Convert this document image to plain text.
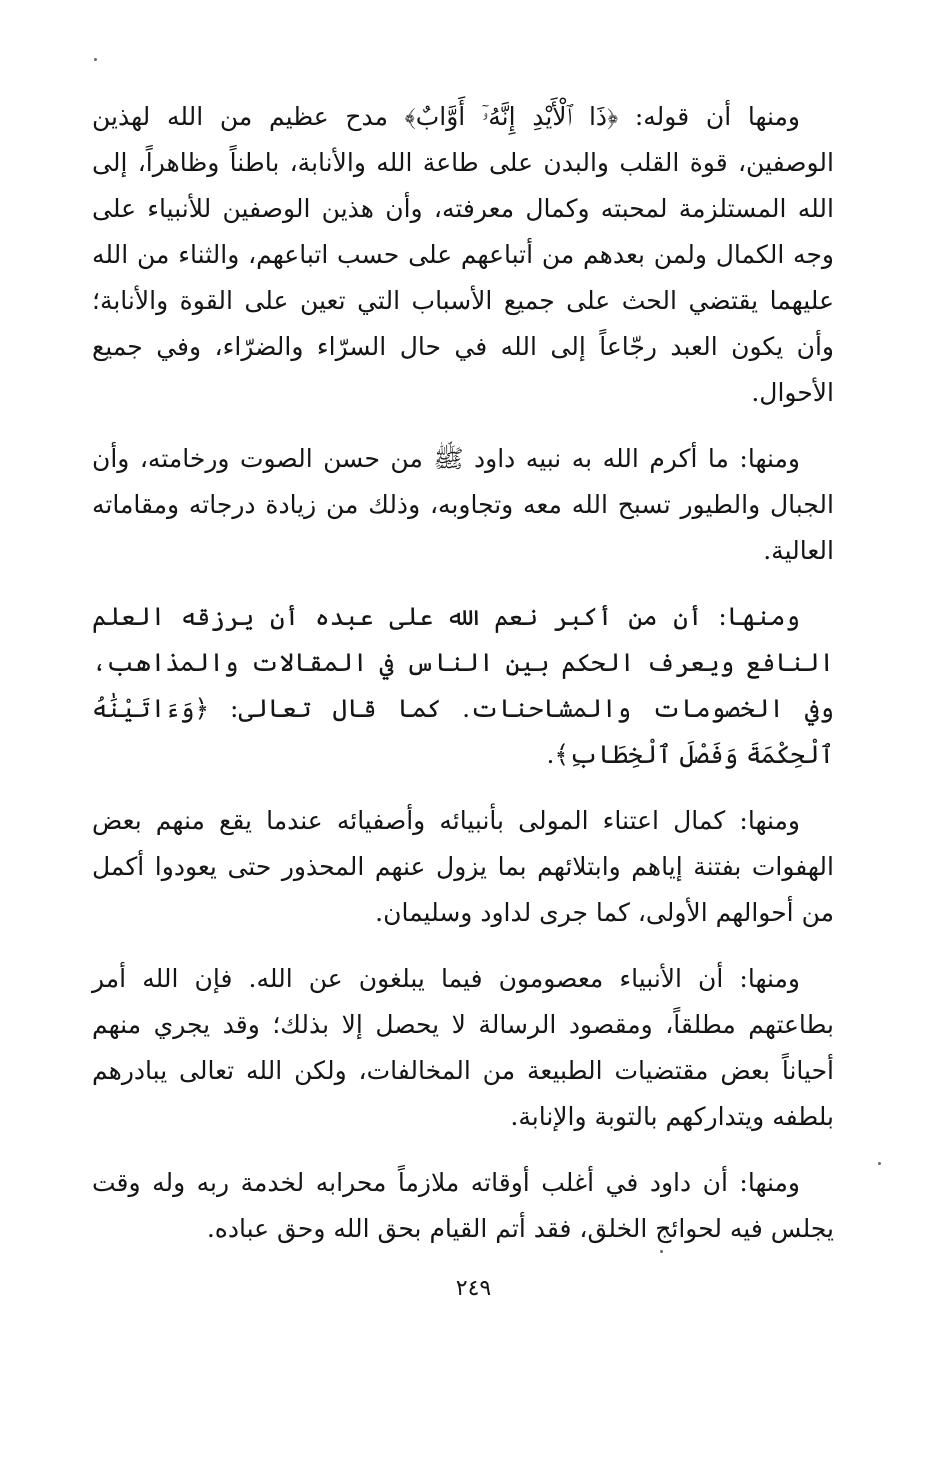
ومنها أن قوله: ﴿ذَا ٱلْأَيْدِ إِنَّهُۥٓ أَوَّابٌ﴾ مدح عظيم من الله لهذين الوصفين، قوة القلب والبدن على طاعة الله والأنابة، باطناً وظاهراً، إلى الله المستلزمة لمحبته وكمال معرفته، وأن هذين الوصفين للأنبياء على وجه الكمال ولمن بعدهم من أتباعهم على حسب اتباعهم، والثناء من الله عليهما يقتضي الحث على جميع الأسباب التي تعين على القوة والأنابة؛ وأن يكون العبد رجّاعاً إلى الله في حال السرّاء والضرّاء، وفي جميع الأحوال.

ومنها: ما أكرم الله به نبيه داود ﷺ من حسن الصوت ورخامته، وأن الجبال والطيور تسبح الله معه وتجاوبه، وذلك من زيادة درجاته ومقاماته العالية.

ومنها: أن من أكبر نعم الله على عبده أن يرزقه العلم النافع ويعرف الحكم بين الناس في المقالات والمذاهب، وفي الخصومات والمشاحنات. كما قال تعالى: ﴿وَءَاتَيْنَٰهُ ٱلْحِكْمَةَ وَفَصْلَ ٱلْخِطَابِ﴾.

ومنها: كمال اعتناء المولى بأنبيائه وأصفيائه عندما يقع منهم بعض الهفوات بفتنة إياهم وابتلائهم بما يزول عنهم المحذور حتى يعودوا أكمل من أحوالهم الأولى، كما جرى لداود وسليمان.

ومنها: أن الأنبياء معصومون فيما يبلغون عن الله. فإن الله أمر بطاعتهم مطلقاً، ومقصود الرسالة لا يحصل إلا بذلك؛ وقد يجري منهم أحياناً بعض مقتضيات الطبيعة من المخالفات، ولكن الله تعالى يبادرهم بلطفه ويتداركهم بالتوبة والإنابة.

ومنها: أن داود في أغلب أوقاته ملازماً محرابه لخدمة ربه وله وقت يجلس فيه لحوائج الخلق، فقد أتم القيام بحق الله وحق عباده.

٢٤٩
